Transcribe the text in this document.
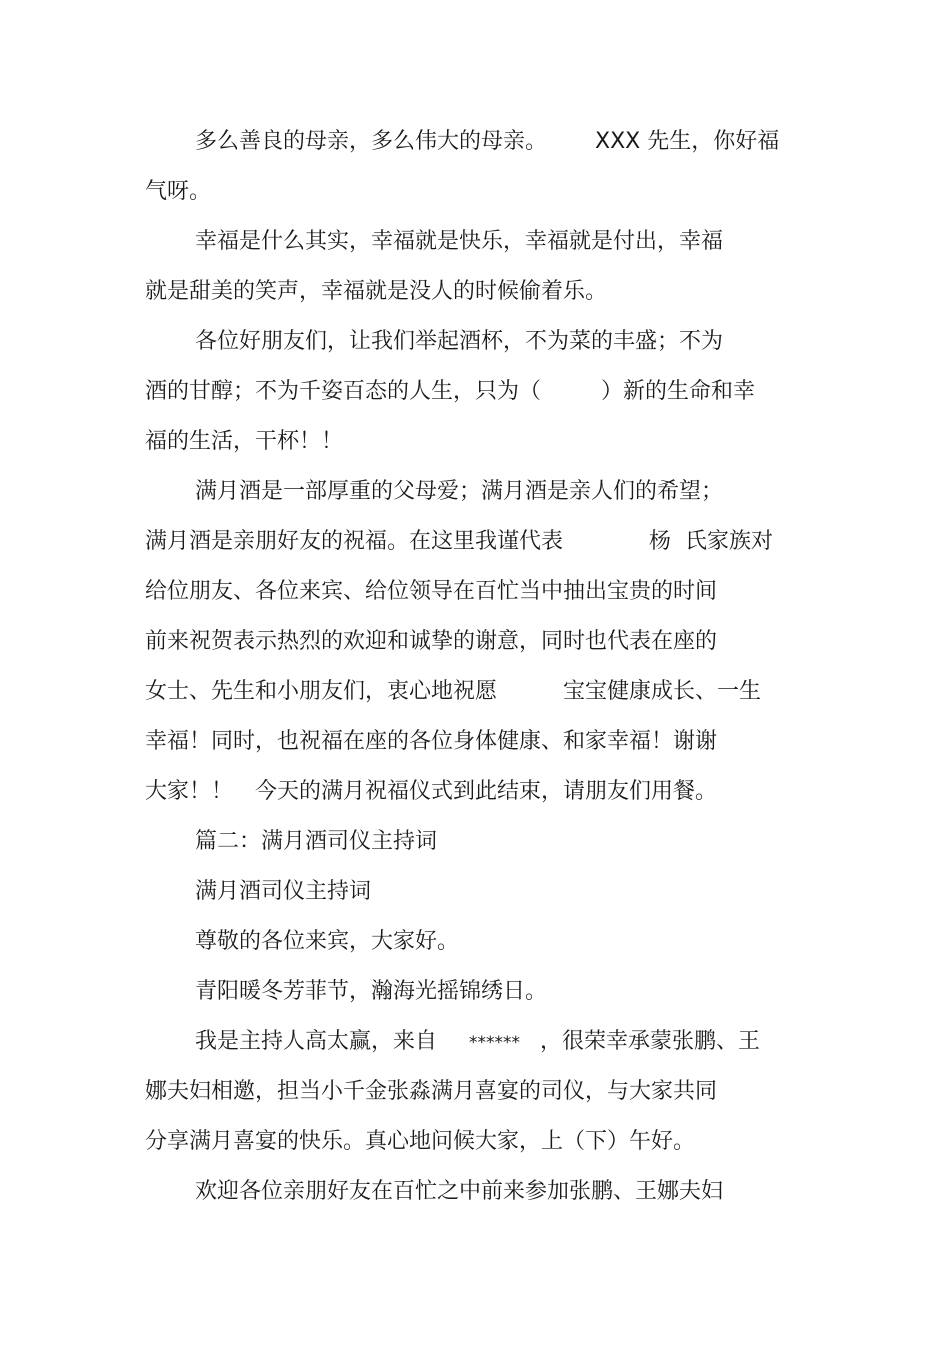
多么善良的母亲，多么伟大的母亲。 XXX 先生，你好福
气呀。
幸福是什么其实，幸福就是快乐，幸福就是付出，幸福
就是甜美的笑声，幸福就是没人的时候偷着乐。
各位好朋友们，让我们举起酒杯，不为菜的丰盛；不为
酒的甘醇；不为千姿百态的人生，只为（	）新的生命和幸
福的生活，干杯！！
满月酒是一部厚重的父母爱；满月酒是亲人们的希望；
满月酒是亲朋好友的祝福。在这里我谨代表	杨 氏家族对
给位朋友、各位来宾、给位领导在百忙当中抽出宝贵的时间
前来祝贺表示热烈的欢迎和诚挚的谢意，同时也代表在座的
女士、先生和小朋友们，衷心地祝愿	宝宝健康成长、一生
幸福！同时，也祝福在座的各位身体健康、和家幸福！谢谢
大家！！ 今天的满月祝福仪式到此结束，请朋友们用餐。
篇二：满月酒司仪主持词
满月酒司仪主持词
尊敬的各位来宾，大家好。
青阳暖冬芳菲节，瀚海光摇锦绣日。
我是主持人高太赢，来自 ****** ，很荣幸承蒙张鹏、王
娜夫妇相邀，担当小千金张淼满月喜宴的司仪，与大家共同
分享满月喜宴的快乐。真心地问候大家，上（下）午好。
欢迎各位亲朋好友在百忙之中前来参加张鹏、王娜夫妇
